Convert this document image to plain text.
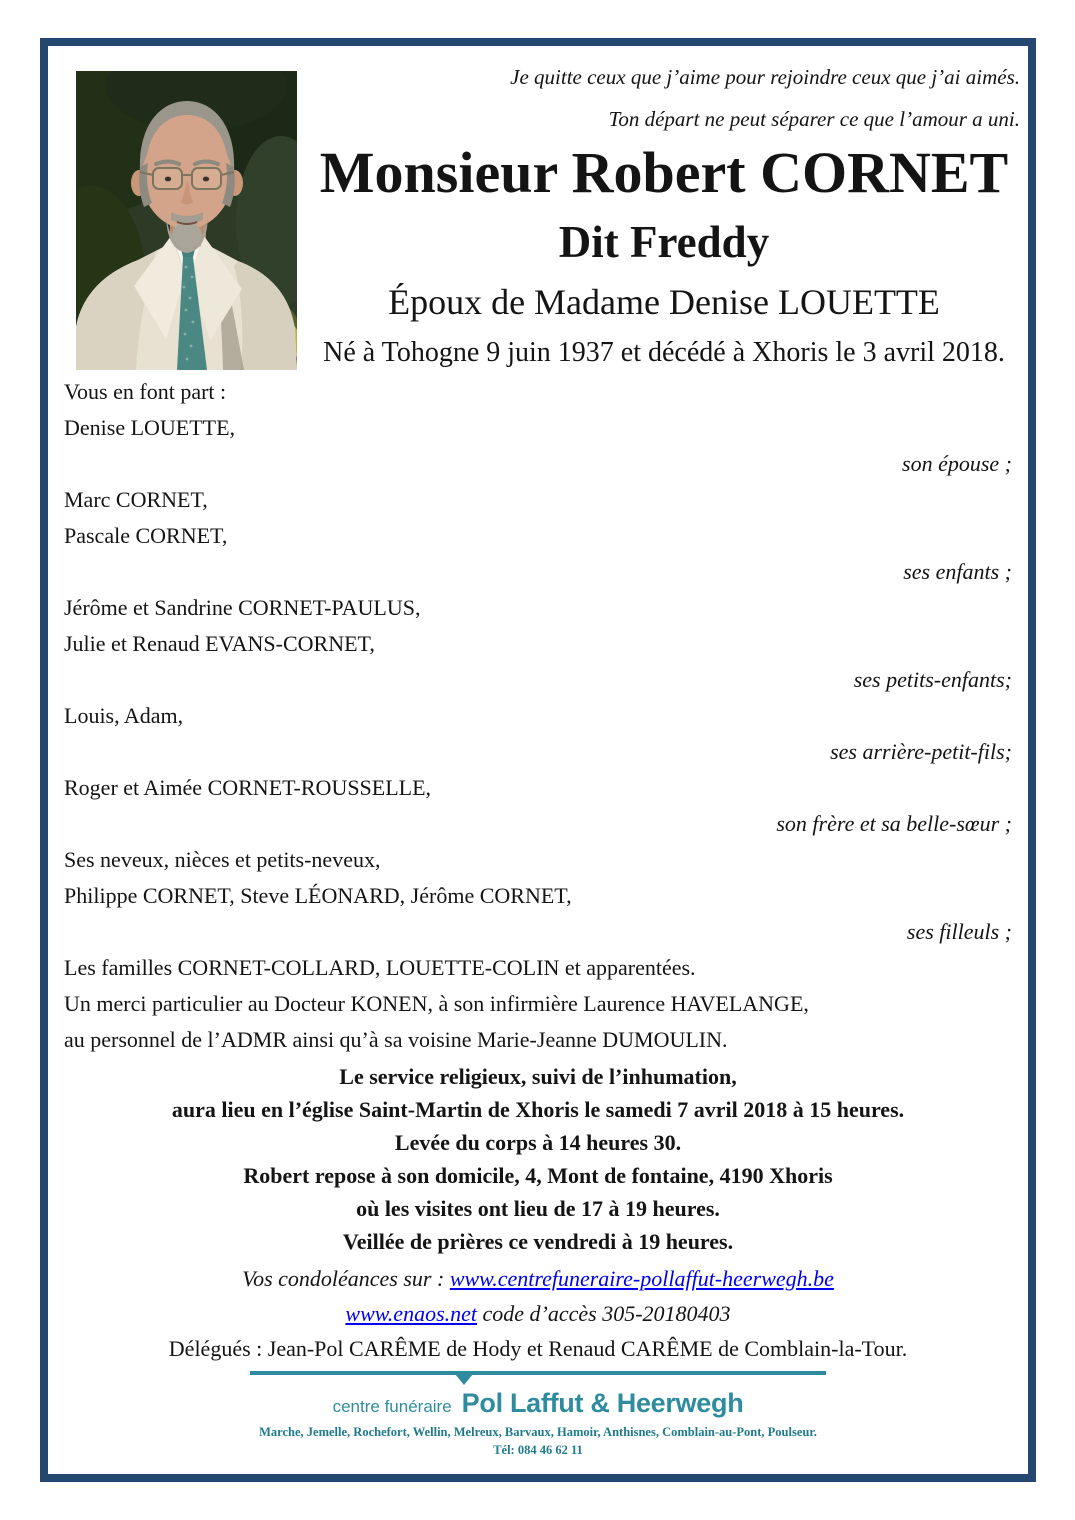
Je quitte ceux que j’aime pour rejoindre ceux que j’ai aimés.
Ton départ ne peut séparer ce que l’amour a uni.
Monsieur Robert CORNET
Dit Freddy
Époux de Madame Denise LOUETTE
Né à Tohogne 9 juin 1937 et décédé à Xhoris le 3 avril 2018.
Vous en font part :
Denise LOUETTE,
son épouse ;
Marc CORNET,
Pascale CORNET,
ses enfants ;
Jérôme et Sandrine CORNET-PAULUS,
Julie et Renaud EVANS-CORNET,
ses petits-enfants;
Louis, Adam,
ses arrière-petit-fils;
Roger et Aimée CORNET-ROUSSELLE,
son frère et sa belle-sœur ;
Ses neveux, nièces et petits-neveux,
Philippe CORNET, Steve LÉONARD, Jérôme CORNET,
ses filleuls ;
Les familles CORNET-COLLARD, LOUETTE-COLIN et apparentées.
Un merci particulier au Docteur KONEN, à son infirmière Laurence HAVELANGE,
au personnel de l’ADMR ainsi qu’à sa voisine Marie-Jeanne DUMOULIN.
Le service religieux, suivi de l’inhumation,
aura lieu en l’église Saint-Martin de Xhoris le samedi 7 avril 2018 à 15 heures.
Levée du corps à 14 heures 30.
Robert repose à son domicile, 4, Mont de fontaine, 4190 Xhoris
où les visites ont lieu de 17 à 19 heures.
Veillée de prières ce vendredi à 19 heures.
Vos condoléances sur : www.centrefuneraire-pollaffut-heerwegh.be
www.enaos.net code d’accès 305-20180403
Délégués : Jean-Pol CARÊME de Hody et Renaud CARÊME de Comblain-la-Tour.
centre funéraire Pol Laffut & Heerwegh
Marche, Jemelle, Rochefort, Wellin, Melreux, Barvaux, Hamoir, Anthisnes, Comblain-au-Pont, Poulseur.
Tél: 084 46 62 11
